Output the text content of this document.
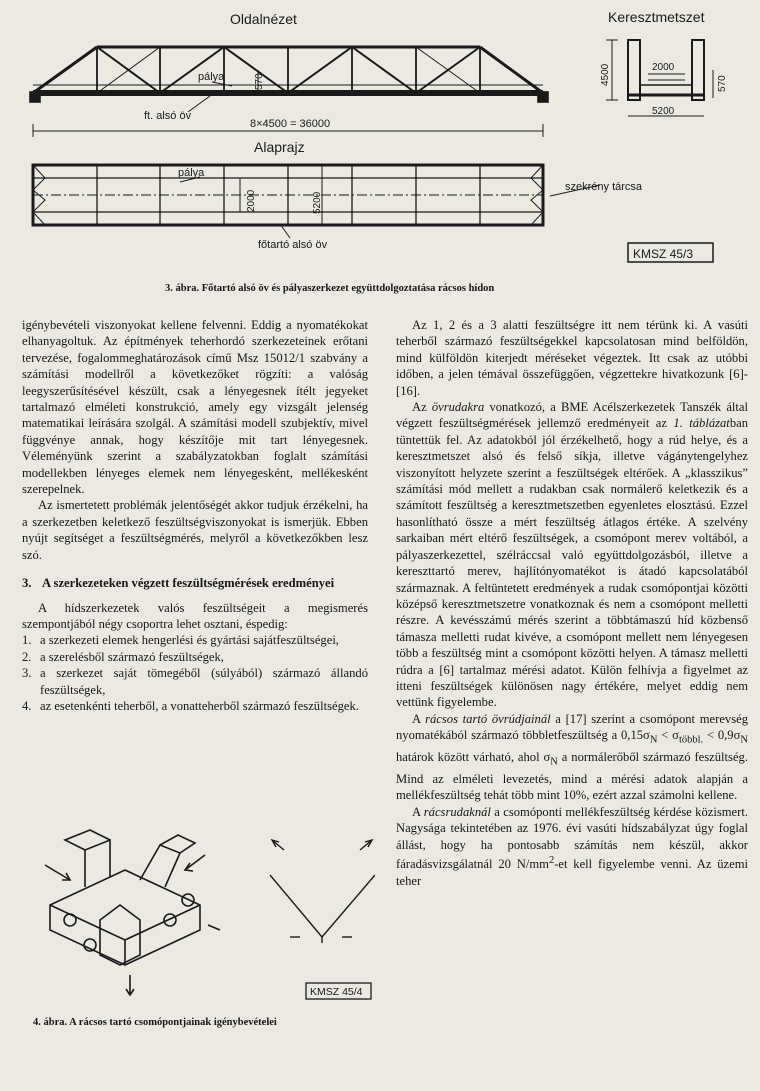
Oldalnézet	Keresztmetszet
pálya	570
ft. alsó öv
8×4500 = 36000
4500	2000
570
5200
Alaprajz
pálya
2000	5200
szekrény tárcsa
főtartó alsó öv
KMSZ 45/3
3. ábra. Főtartó alsó öv és pályaszerkezet együttdolgoztatása rácsos hídon

igénybevételi viszonyokat kellene felvenni. Eddig a nyomatékokat elhanyagoltuk. Az építmények teherhordó szerkezeteinek erőtani tervezése, fogalommeghatározások című Msz 15012/1 szabvány a számítási modellről a következőket rögzíti: a valóság leegyszerűsítésével készült, csak a lényegesnek ítélt jegyeket tartalmazó elméleti konstrukció, amely egy vizsgált jelenség matematikai leírására szolgál. A számítási modell szubjektív, mivel függvénye annak, hogy készítője mit tart lényegesnek. Véleményünk szerint a szabályzatokban foglalt számítási modellekben lényeges elemek nem lényegesként, mellékesként szerepelnek.

Az ismertetett problémák jelentőségét akkor tudjuk érzékelni, ha a szerkezetben keletkező feszültségviszonyokat is ismerjük. Ebben nyújt segítséget a feszültségmérés, melyről a következőkben lesz szó.

3. A szerkezeteken végzett feszültségmérések eredményei

A hídszerkezetek valós feszültségeit a megismerés szempontjából négy csoportra lehet osztani, éspedig:

1. a szerkezeti elemek hengerlési és gyártási sajátfeszültségei,
2. a szerelésből származó feszültségek,
3. a szerkezet saját tömegéből (súlyából) származó állandó feszültségek,
4. az esetenkénti teherből, a vonatteherből származó feszültségek.
KMSZ 45/4
4. ábra. A rácsos tartó csomópontjainak igénybevételei

Az 1, 2 és a 3 alatti feszültségre itt nem térünk ki. A vasúti teherből származó feszültségekkel kapcsolatosan mind belföldön, mind külföldön kiterjedt méréseket végeztek. Itt csak az utóbbi időben, a jelen témával összefüggően, végzettekre hivatkozunk [6]-[16].

Az övrudakra vonatkozó, a BME Acélszerkezetek Tanszék által végzett feszültségmérések jellemző eredményeit az 1. táblázatban tüntettük fel. Az adatokból jól érzékelhető, hogy a rúd helye, és a keresztmetszet alsó és felső síkja, illetve vágánytengelyhez viszonyított helyzete szerint a feszültségek eltérőek. A „klasszikus” számítási mód mellett a rudakban csak normálerő keletkezik és a számított feszültség a keresztmetszetben egyenletes elosztású. Ezzel hasonlítható össze a mért feszültség átlagos értéke. A szelvény sarkaiban mért eltérő feszültségek, a csomópont merev voltából, a pályaszerkezettel, szélráccsal való együttdolgozásból, illetve a kereszttartó merev, hajlítónyomatékot is átadó kapcsolatából származnak. A feltüntetett eredmények a rudak csomópontjai közötti középső keresztmetszetre vonatkoznak és nem a csomópont melletti részre. A kevésszámú mérés szerint a többtámaszú híd közbenső támasza melletti rudat kivéve, a csomópont mellett nem lényegesen több a feszültség mint a csomópont közötti helyen. A támasz melletti rúdra a [6] tartalmaz mérési adatot. Külön felhívja a figyelmet az itteni feszültségek különösen nagy értékére, melyet eddig nem vettünk figyelembe.

A rácsos tartó övrúdjainál a [17] szerint a csomópont merevség nyomatékából származó többletfeszültség a $0,15\sigma_N < \sigma_{többl.} < 0,9\sigma_N$ határok között várható, ahol $\sigma_N$ a normálerőből származó feszültség. Mind az elméleti levezetés, mind a mérési adatok alapján a mellékfeszültség tehát több mint 10%, ezért azzal számolni kellene.

A rácsrudaknál a csomóponti mellékfeszültség kérdése közismert. Nagysága tekintetében az 1976. évi vasúti hídszabályzat úgy foglal állást, hogy ha pontosabb számítás nem készül, akkor fáradásvizsgálatnál 20 $N/mm^2-et$ kell figyelembe venni. Az üzemi teher
